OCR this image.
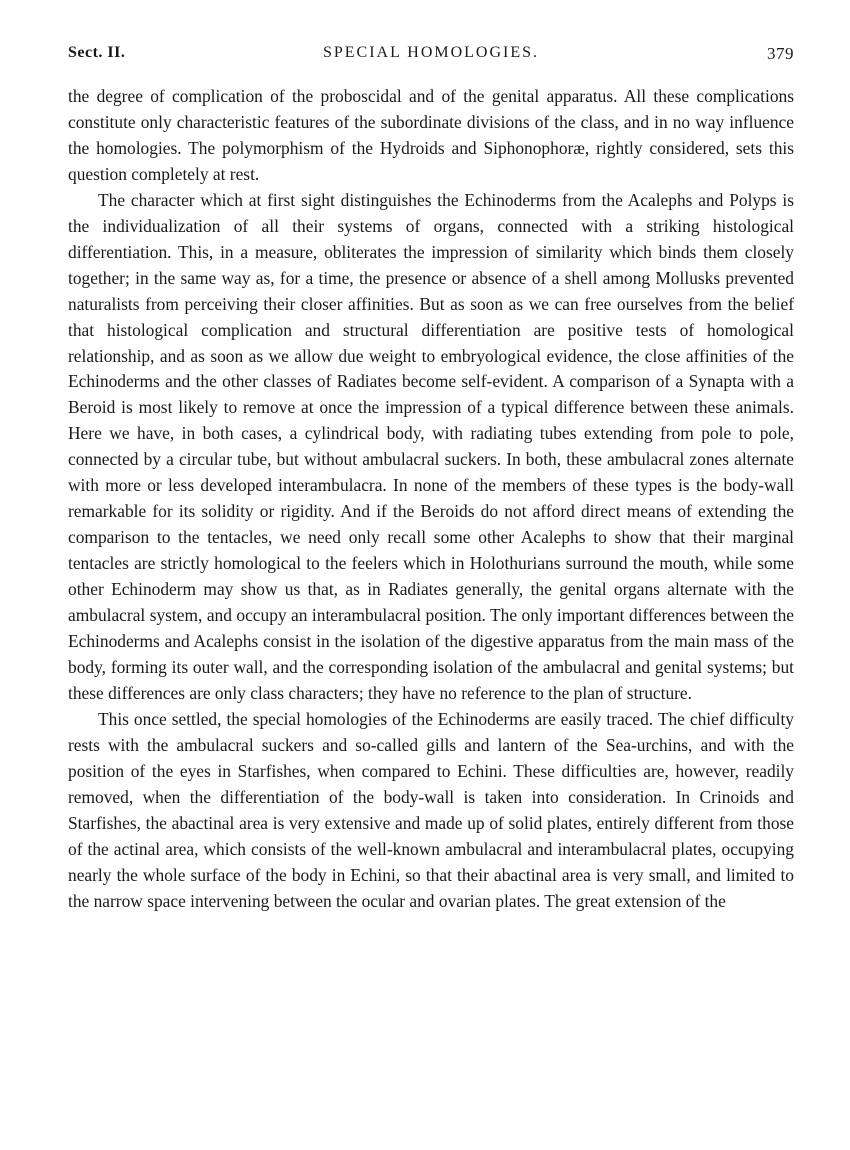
Sect. II.	SPECIAL HOMOLOGIES.	379

the degree of complication of the proboscidal and of the genital apparatus. All these complications constitute only characteristic features of the subordinate divisions of the class, and in no way influence the homologies. The polymorphism of the Hydroids and Siphonophoræ, rightly considered, sets this question completely at rest.

The character which at first sight distinguishes the Echinoderms from the Acalephs and Polyps is the individualization of all their systems of organs, connected with a striking histological differentiation. This, in a measure, obliterates the impression of similarity which binds them closely together; in the same way as, for a time, the presence or absence of a shell among Mollusks prevented naturalists from perceiving their closer affinities. But as soon as we can free ourselves from the belief that histological complication and structural differentiation are positive tests of homological relationship, and as soon as we allow due weight to embryological evidence, the close affinities of the Echinoderms and the other classes of Radiates become self-evident. A comparison of a Synapta with a Beroid is most likely to remove at once the impression of a typical difference between these animals. Here we have, in both cases, a cylindrical body, with radiating tubes extending from pole to pole, connected by a circular tube, but without ambulacral suckers. In both, these ambulacral zones alternate with more or less developed interambulacra. In none of the members of these types is the body-wall remarkable for its solidity or rigidity. And if the Beroids do not afford direct means of extending the comparison to the tentacles, we need only recall some other Acalephs to show that their marginal tentacles are strictly homological to the feelers which in Holothurians surround the mouth, while some other Echinoderm may show us that, as in Radiates generally, the genital organs alternate with the ambulacral system, and occupy an interambulacral position. The only important differences between the Echinoderms and Acalephs consist in the isolation of the digestive apparatus from the main mass of the body, forming its outer wall, and the corresponding isolation of the ambulacral and genital systems; but these differences are only class characters; they have no reference to the plan of structure.

This once settled, the special homologies of the Echinoderms are easily traced. The chief difficulty rests with the ambulacral suckers and so-called gills and lantern of the Sea-urchins, and with the position of the eyes in Starfishes, when compared to Echini. These difficulties are, however, readily removed, when the differentiation of the body-wall is taken into consideration. In Crinoids and Starfishes, the abactinal area is very extensive and made up of solid plates, entirely different from those of the actinal area, which consists of the well-known ambulacral and interambulacral plates, occupying nearly the whole surface of the body in Echini, so that their abactinal area is very small, and limited to the narrow space intervening between the ocular and ovarian plates. The great extension of the
